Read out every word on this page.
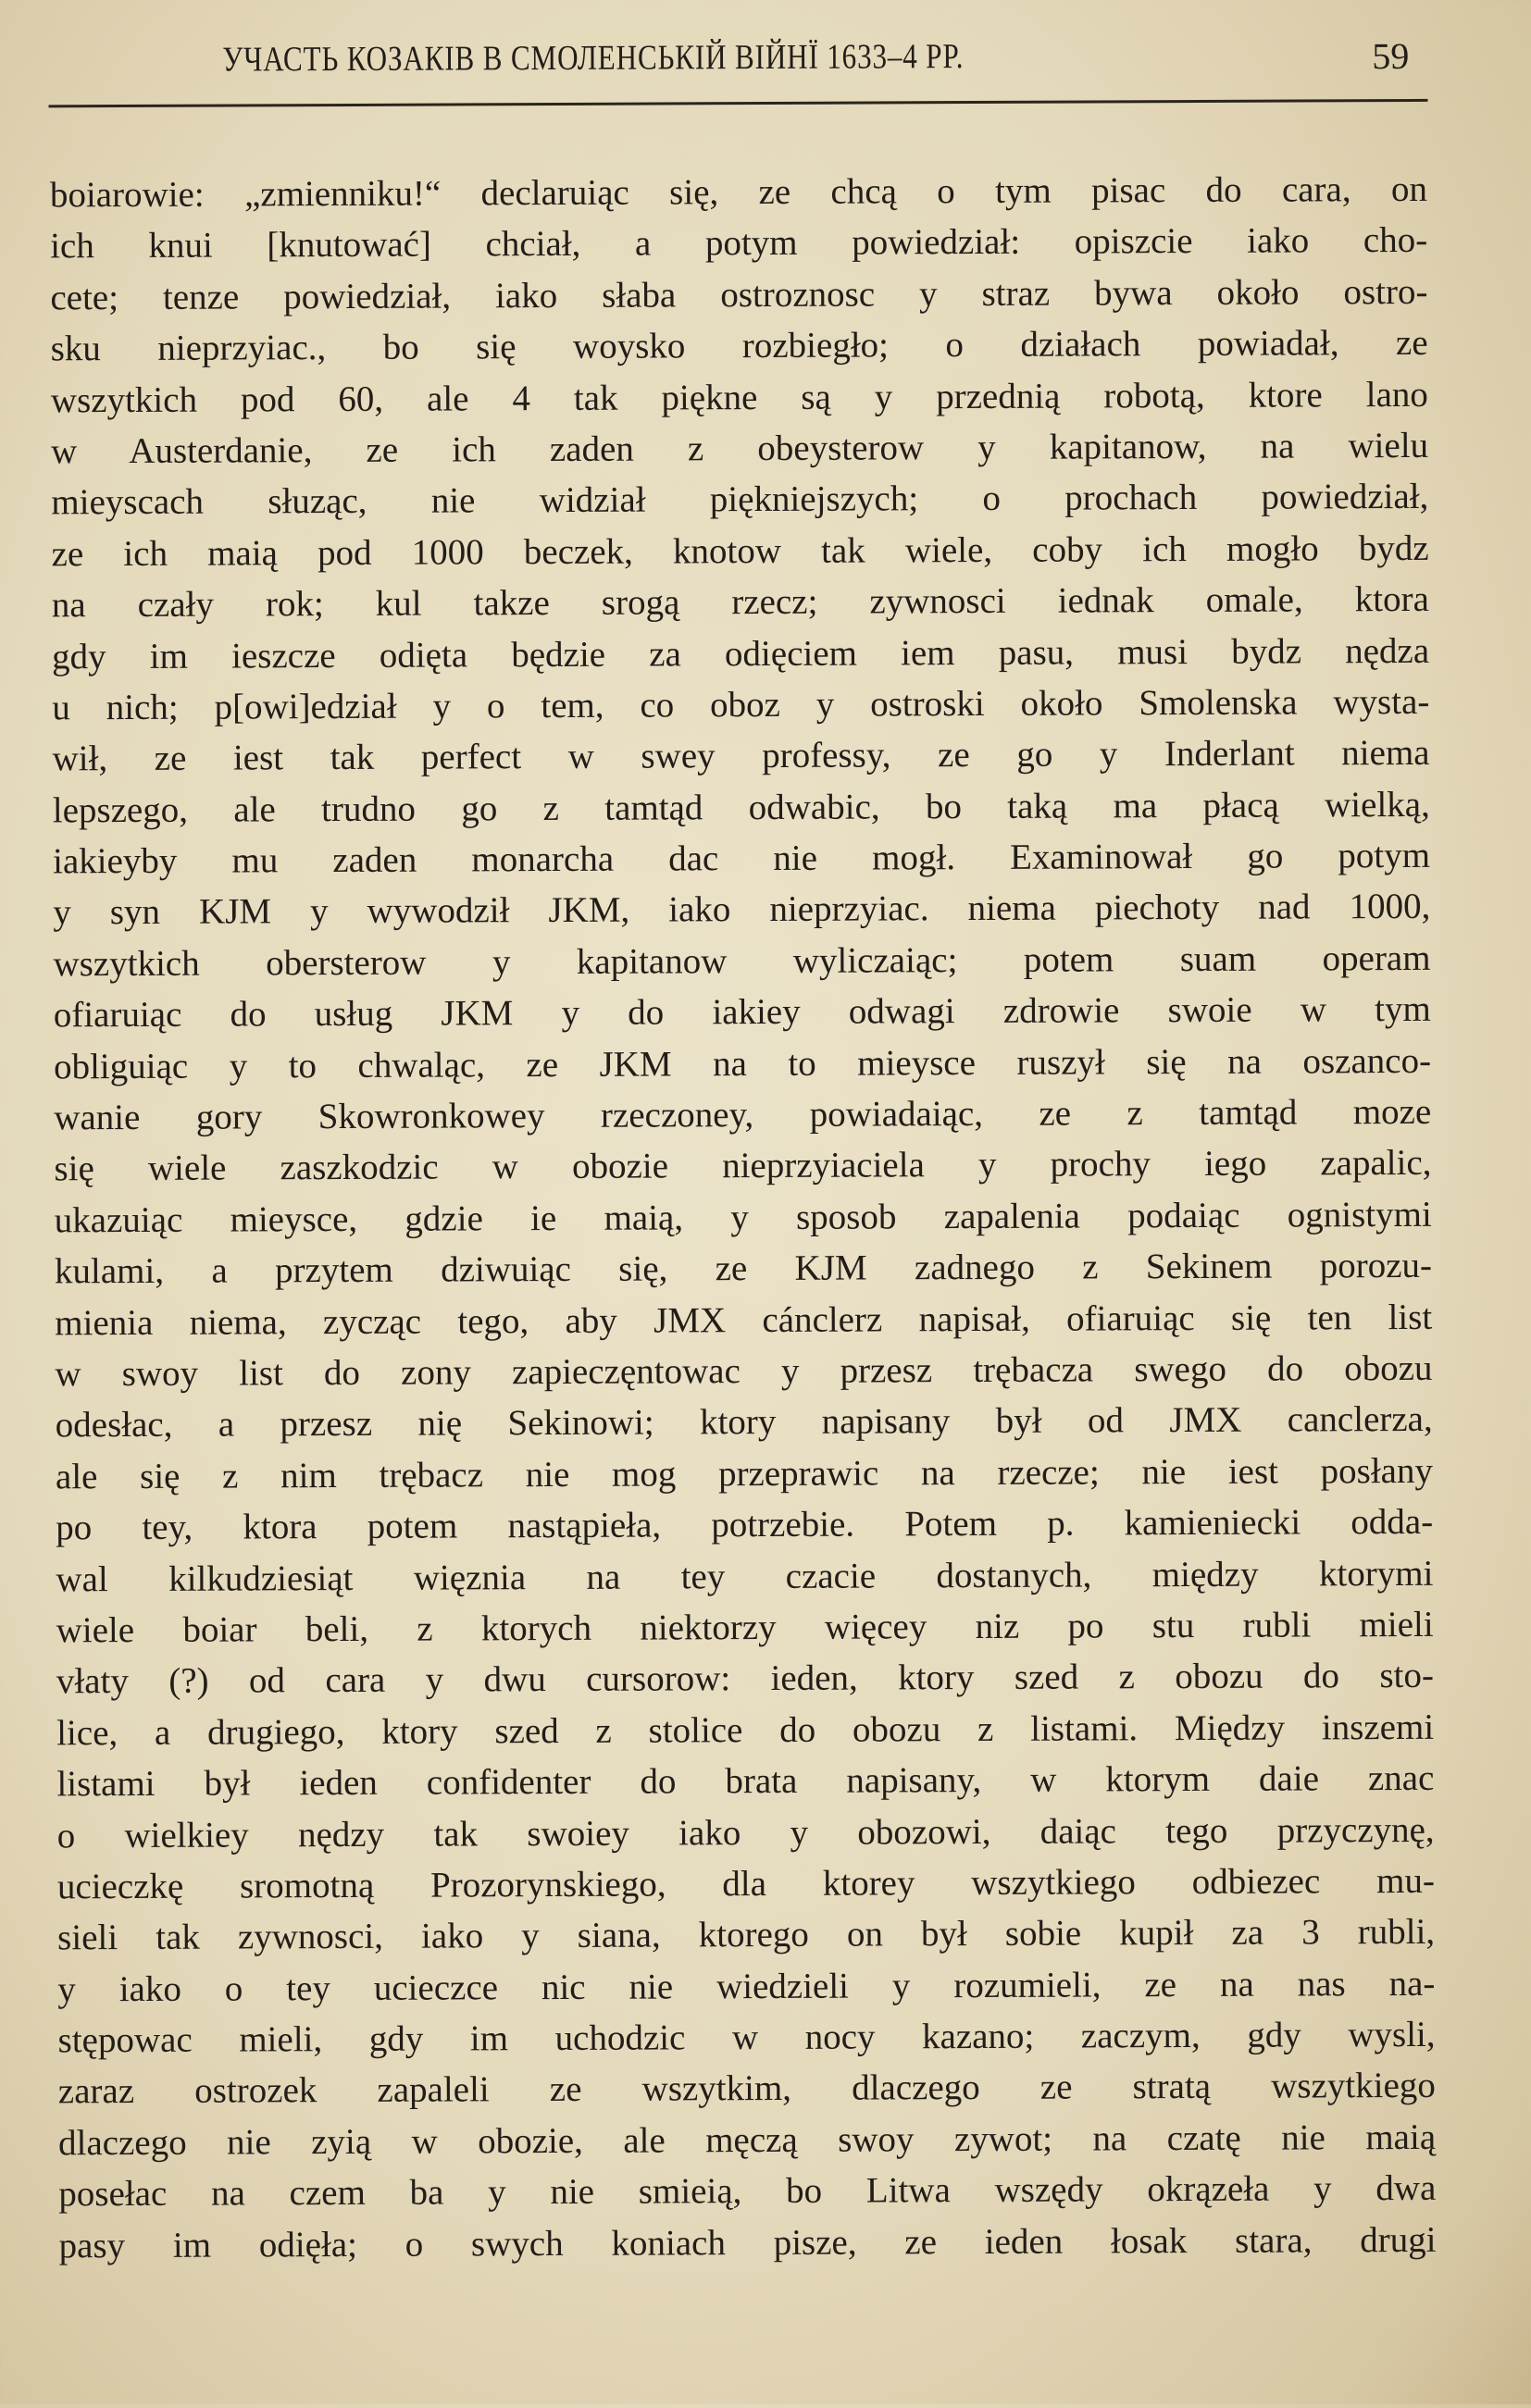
УЧАСТЬ КОЗАКІВ В СМОЛЕНСЬКІЙ ВІЙНЇ 1633–4 РР.	59
boiarowie: „zmienniku!“ declaruiąc się, ze chcą o tym pisac do cara, on
ich knui [knutować] chciał, a potym powiedział: opiszcie iako cho-
cete; tenze powiedział, iako słaba ostroznosc y straz bywa około ostro-
sku nieprzyiac., bo się woysko rozbiegło; o działach powiadał, ze
wszytkich pod 60, ale 4 tak piękne są y przednią robotą, ktore lano
w Austerdanie, ze ich zaden z obeysterow y kapitanow, na wielu
mieyscach słuząc, nie widział piękniejszych; o prochach powiedział,
ze ich maią pod 1000 beczek, knotow tak wiele, coby ich mogło bydz
na czały rok; kul takze srogą rzecz; zywnosci iednak omale, ktora
gdy im ieszcze odięta będzie za odięciem iem pasu, musi bydz nędza
u nich; p[owi]edział y o tem, co oboz y ostroski około Smolenska wysta-
wił, ze iest tak perfect w swey professy, ze go y Inderlant niema
lepszego, ale trudno go z tamtąd odwabic, bo taką ma płacą wielką,
iakieyby mu zaden monarcha dac nie mogł. Examinował go potym
y syn KJM y wywodził JKM, iako nieprzyiac. niema piechoty nad 1000,
wszytkich obersterow y kapitanow wyliczaiąc; potem suam operam
ofiaruiąc do usług JKM y do iakiey odwagi zdrowie swoie w tym
obliguiąc y to chwaląc, ze JKM na to mieysce ruszył się na oszanco-
wanie gory Skowronkowey rzeczoney, powiadaiąc, ze z tamtąd moze
się wiele zaszkodzic w obozie nieprzyiaciela y prochy iego zapalic,
ukazuiąc mieysce, gdzie ie maią, y sposob zapalenia podaiąc ognistymi
kulami, a przytem dziwuiąc się, ze KJM zadnego z Sekinem porozu-
mienia niema, zycząc tego, aby JMX cánclerz napisał, ofiaruiąc się ten list
w swoy list do zony zapieczęntowac y przesz trębacza swego do obozu
odesłac, a przesz nię Sekinowi; ktory napisany był od JMX canclerza,
ale się z nim trębacz nie mog przeprawic na rzecze; nie iest posłany
po tey, ktora potem nastąpieła, potrzebie. Potem p. kamieniecki odda-
wal kilkudziesiąt więznia na tey czacie dostanych, między ktorymi
wiele boiar beli, z ktorych niektorzy więcey niz po stu rubli mieli
vłaty (?) od cara y dwu cursorow: ieden, ktory szed z obozu do sto-
lice, a drugiego, ktory szed z stolice do obozu z listami. Między inszemi
listami był ieden confidenter do brata napisany, w ktorym daie znac
o wielkiey nędzy tak swoiey iako y obozowi, daiąc tego przyczynę,
ucieczkę sromotną Prozorynskiego, dla ktorey wszytkiego odbiezec mu-
sieli tak zywnosci, iako y siana, ktorego on był sobie kupił za 3 rubli,
y iako o tey ucieczce nic nie wiedzieli y rozumieli, ze na nas na-
stępowac mieli, gdy im uchodzic w nocy kazano; zaczym, gdy wysli,
zaraz ostrozek zapaleli ze wszytkim, dlaczego ze stratą wszytkiego
dlaczego nie zyią w obozie, ale męczą swoy zywot; na czatę nie maią
posełac na czem ba y nie smieią, bo Litwa wszędy okrązeła y dwa
pasy im odięła; o swych koniach pisze, ze ieden łosak stara, drugi
